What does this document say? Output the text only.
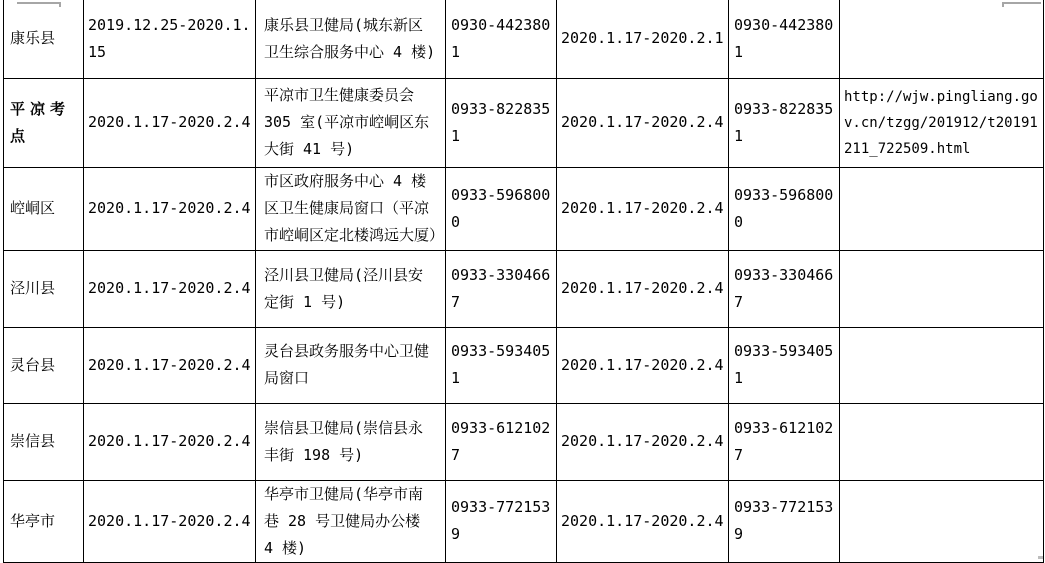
康乐县	2019.12.25-2020.1.15	康乐县卫健局(城东新区卫生综合服务中心 4 楼)	0930-4423801	2020.1.17-2020.2.1	0930-4423801	
平凉考点	2020.1.17-2020.2.4	平凉市卫生健康委员会 305 室(平凉市崆峒区东大街 41 号)	0933-8228351	2020.1.17-2020.2.4	0933-8228351	http://wjw.pingliang.gov.cn/tzgg/201912/t20191211_722509.html
崆峒区	2020.1.17-2020.2.4	市区政府服务中心 4 楼区卫生健康局窗口（平凉市崆峒区定北楼鸿远大厦）	0933-5968000	2020.1.17-2020.2.4	0933-5968000	
泾川县	2020.1.17-2020.2.4	泾川县卫健局(泾川县安定街 1 号)	0933-3304667	2020.1.17-2020.2.4	0933-3304667	
灵台县	2020.1.17-2020.2.4	灵台县政务服务中心卫健局窗口	0933-5934051	2020.1.17-2020.2.4	0933-5934051	
崇信县	2020.1.17-2020.2.4	崇信县卫健局(崇信县永丰街 198 号)	0933-6121027	2020.1.17-2020.2.4	0933-6121027	
华亭市	2020.1.17-2020.2.4	华亭市卫健局(华亭市南巷 28 号卫健局办公楼 4 楼)	0933-7721539	2020.1.17-2020.2.4	0933-7721539	
